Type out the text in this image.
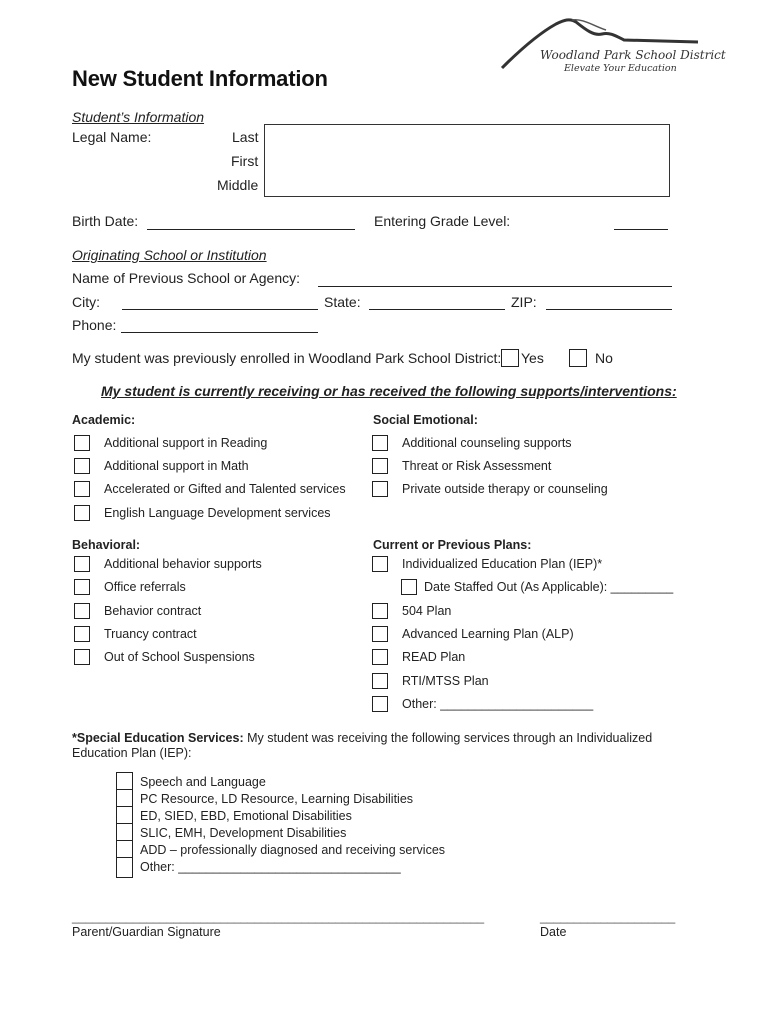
Woodland Park School District
Elevate Your Education
New Student Information
Student’s Information
Legal Name:	Last
First
Middle
Birth Date:	Entering Grade Level:
Originating School or Institution
Name of Previous School or Agency:
City:	State:	ZIP:
Phone:
My student was previously enrolled in Woodland Park School District: Yes	No
My student is currently receiving or has received the following supports/interventions:
Academic:
Additional support in Reading
Additional support in Math
Accelerated or Gifted and Talented services
English Language Development services
Social Emotional:
Additional counseling supports
Threat or Risk Assessment
Private outside therapy or counseling
Behavioral:
Additional behavior supports
Office referrals
Behavior contract
Truancy contract
Out of School Suspensions
Current or Previous Plans:
Individualized Education Plan (IEP)*
Date Staffed Out (As Applicable): _________
504 Plan
Advanced Learning Plan (ALP)
READ Plan
RTI/MTSS Plan
Other: ______________________
*Special Education Services: My student was receiving the following services through an Individualized
Education Plan (IEP):
Speech and Language
PC Resource, LD Resource, Learning Disabilities
ED, SIED, EBD, Emotional Disabilities
SLIC, EMH, Development Disabilities
ADD – professionally diagnosed and receiving services
Other: ________________________________
_____________________________________________________________	____________________
Parent/Guardian Signature	Date
